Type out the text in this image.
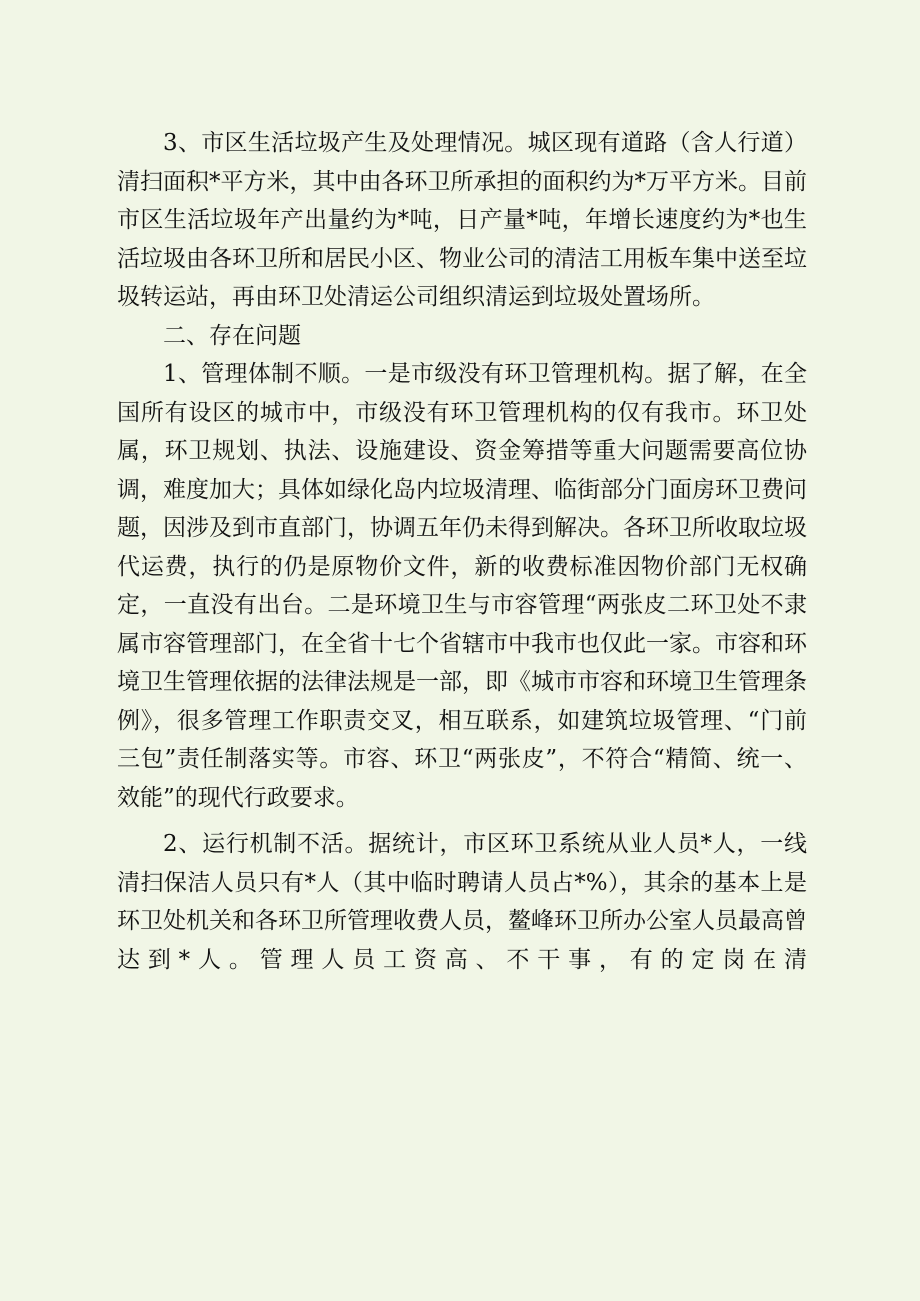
3、市区生活垃圾产生及处理情况。城区现有道路（含人行道）清扫面积*平方米，其中由各环卫所承担的面积约为*万平方米。目前市区生活垃圾年产出量约为*吨，日产量*吨，年增长速度约为*也生活垃圾由各环卫所和居民小区、物业公司的清洁工用板车集中送至垃圾转运站，再由环卫处清运公司组织清运到垃圾处置场所。

二、存在问题

1、管理体制不顺。一是市级没有环卫管理机构。据了解，在全国所有设区的城市中，市级没有环卫管理机构的仅有我市。环卫处属，环卫规划、执法、设施建设、资金筹措等重大问题需要高位协调，难度加大；具体如绿化岛内垃圾清理、临街部分门面房环卫费问题，因涉及到市直部门，协调五年仍未得到解决。各环卫所收取垃圾代运费，执行的仍是原物价文件，新的收费标准因物价部门无权确定，一直没有出台。二是环境卫生与市容管理“两张皮二环卫处不隶属市容管理部门，在全省十七个省辖市中我市也仅此一家。市容和环境卫生管理依据的法律法规是一部，即《城市市容和环境卫生管理条例》，很多管理工作职责交叉，相互联系，如建筑垃圾管理、“门前三包”责任制落实等。市容、环卫“两张皮”，不符合“精简、统一、效能”的现代行政要求。

2、运行机制不活。据统计，市区环卫系统从业人员*人，一线清扫保洁人员只有*人（其中临时聘请人员占*%），其余的基本上是环卫处机关和各环卫所管理收费人员，鳌峰环卫所办公室人员最高曾达到*人。管理人员工资高、不干事，有的定岗在清
